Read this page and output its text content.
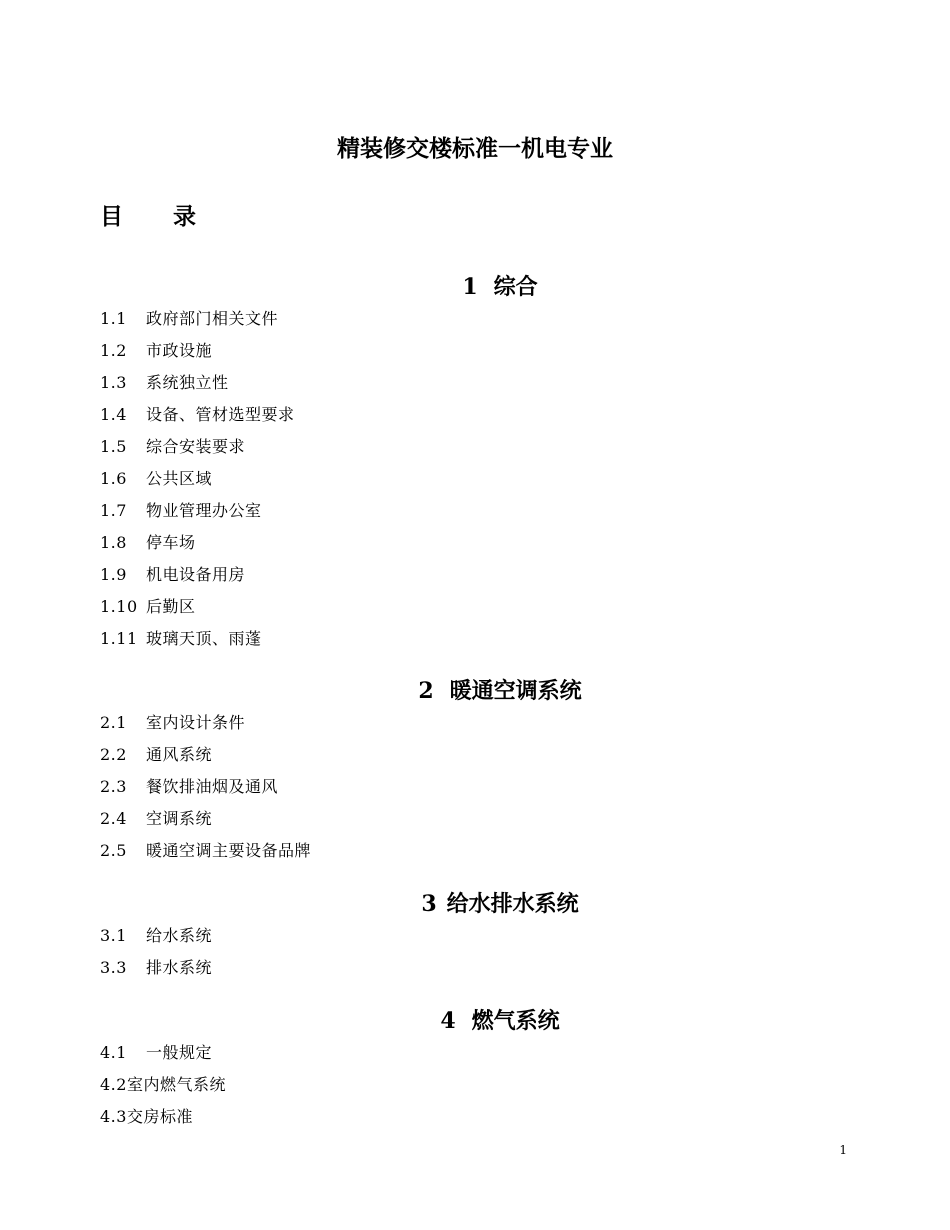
精装修交楼标准一机电专业
目 录
1 综合
1.1 政府部门相关文件
1.2 市政设施
1.3 系统独立性
1.4 设备、管材选型要求
1.5 综合安装要求
1.6 公共区域
1.7 物业管理办公室
1.8 停车场
1.9 机电设备用房
1.10 后勤区
1.11 玻璃天顶、雨蓬
2 暖通空调系统
2.1 室内设计条件
2.2 通风系统
2.3 餐饮排油烟及通风
2.4 空调系统
2.5 暖通空调主要设备品牌
3 给水排水系统
3.1 给水系统
3.3 排水系统
4 燃气系统
4.1 一般规定
4.2室内燃气系统
4.3交房标准
1
